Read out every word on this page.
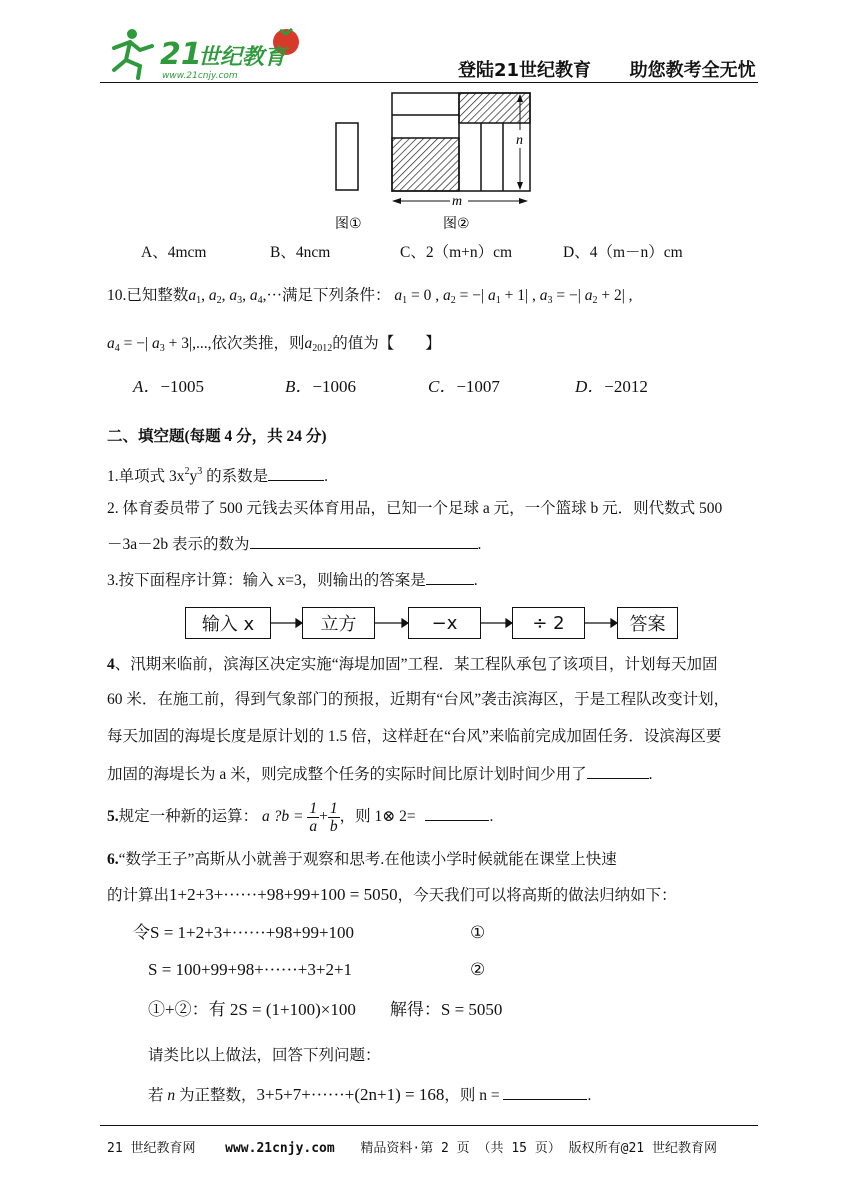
21
世纪教育
www.21cnjy.com	登陆21世纪教育 助您教考全无忧
n
m
图①	图②
A、4mcm	B、4ncm	C、2（m+n）cm	D、4（m－n）cm
10.已知整数$a_1$, $a_2$, $a_3$, $a_4,\cdot\cdot\cdot$满足下列条件： $a_1 = 0$ , $a_2$ = −| $a_1 + 1|$ , $a_3$ = −| $a_2 + 2|$ ,
$a_4$ = −| $a_3 + 3|$,...,依次类推，则$a_{2012}$的值为【　　】
A．−1005	B．−1006	C．−1007	D．−2012
二、填空题(每题 4 分，共 24 分)
1.单项式 $3x^2y^3$ 的系数是	.
2. 体育委员带了 500 元钱去买体育用品，已知一个足球 a 元，一个篮球 b 元．则代数式 500
－3a－2b 表示的数为	.
3.按下面程序计算：输入 x=3，则输出的答案是	.
输入 x	立方	−x	÷ 2	答案
4、汛期来临前，滨海区决定实施“海堤加固”工程．某工程队承包了该项目，计划每天加固
60 米．在施工前，得到气象部门的预报，近期有“台风”袭击滨海区，于是工程队改变计划，
每天加固的海堤长度是原计划的 1.5 倍，这样赶在“台风”来临前完成加固任务．设滨海区要
加固的海堤长为 a 米，则完成整个任务的实际时间比原计划时间少用了	.
5.规定一种新的运算： a ?b = $\frac{1}{a} + \frac{1}{b}$ ，则 1⊗ 2=	.
6.“数学王子”高斯从小就善于观察和思考.在他读小学时候就能在课堂上快速
的计算出1+2+3+······+98+99+100 = 5050，今天我们可以将高斯的做法归纳如下：
令S = 1+2+3+······+98+99+100	①
S = 100+99+98+······+3+2+1	②
①+②：有 2S = (1+100)×100 解得：S = 5050
请类比以上做法，回答下列问题：
若 n 为正整数，3+5+7+······+(2n+1) = 168，则 n =	.
21 世纪教育网 www.21cnjy.com 精品资料·第 2 页 （共 15 页） 版权所有@21 世纪教育网
